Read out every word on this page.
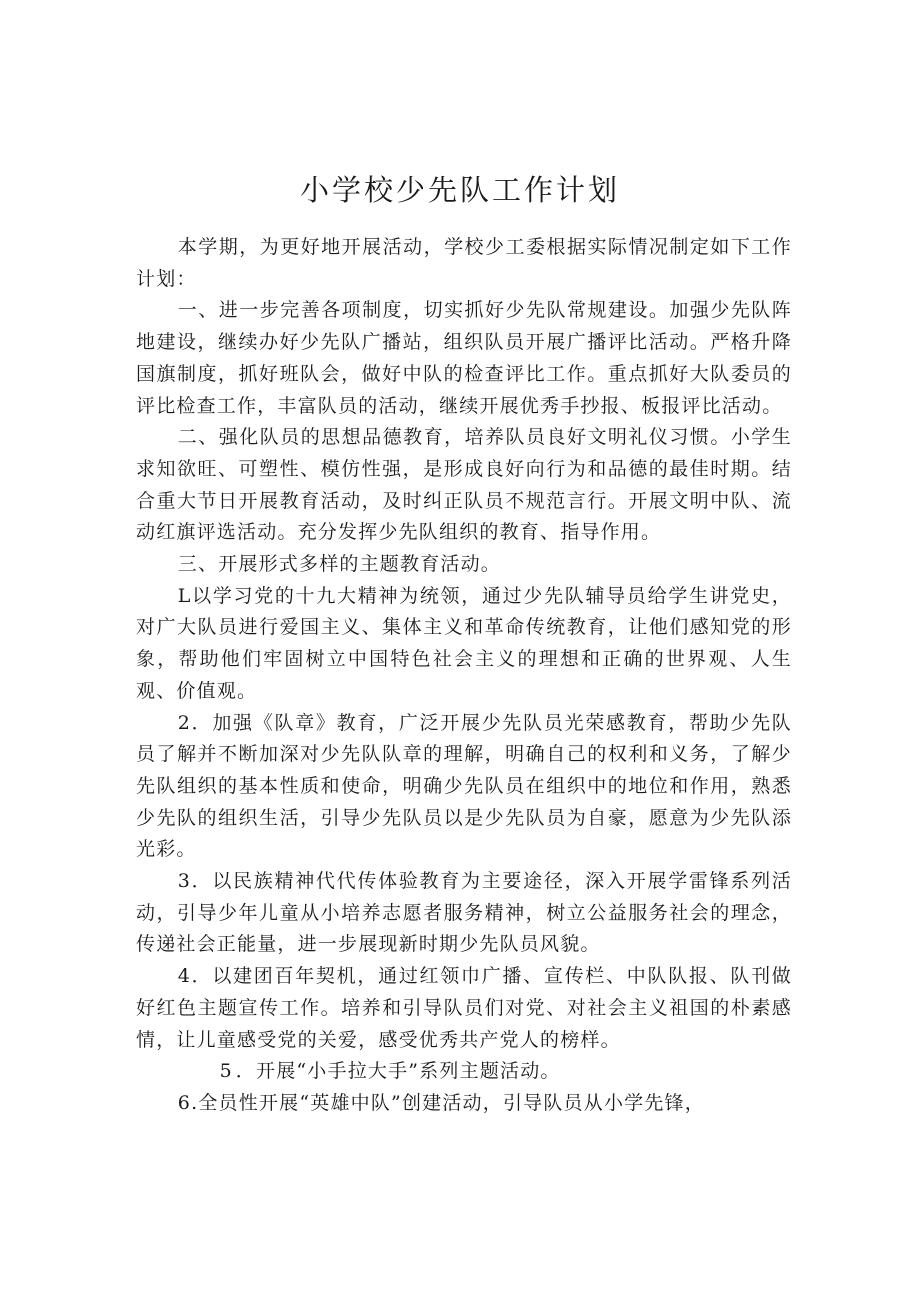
小学校少先队工作计划

本学期，为更好地开展活动，学校少工委根据实际情况制定如下工作计划：

一、进一步完善各项制度，切实抓好少先队常规建设。加强少先队阵地建设，继续办好少先队广播站，组织队员开展广播评比活动。严格升降国旗制度，抓好班队会，做好中队的检查评比工作。重点抓好大队委员的评比检查工作，丰富队员的活动，继续开展优秀手抄报、板报评比活动。

二、强化队员的思想品德教育，培养队员良好文明礼仪习惯。小学生求知欲旺、可塑性、模仿性强，是形成良好向行为和品德的最佳时期。结合重大节日开展教育活动，及时纠正队员不规范言行。开展文明中队、流动红旗评选活动。充分发挥少先队组织的教育、指导作用。

三、开展形式多样的主题教育活动。

L以学习党的十九大精神为统领，通过少先队辅导员给学生讲党史，对广大队员进行爱国主义、集体主义和革命传统教育，让他们感知党的形象，帮助他们牢固树立中国特色社会主义的理想和正确的世界观、人生观、价值观。

2．加强《队章》教育，广泛开展少先队员光荣感教育，帮助少先队员了解并不断加深对少先队队章的理解，明确自己的权利和义务，了解少先队组织的基本性质和使命，明确少先队员在组织中的地位和作用，熟悉少先队的组织生活，引导少先队员以是少先队员为自豪，愿意为少先队添光彩。

3．以民族精神代代传体验教育为主要途径，深入开展学雷锋系列活动，引导少年儿童从小培养志愿者服务精神，树立公益服务社会的理念，传递社会正能量，进一步展现新时期少先队员风貌。

4．以建团百年契机，通过红领巾广播、宣传栏、中队队报、队刊做好红色主题宣传工作。培养和引导队员们对党、对社会主义祖国的朴素感情，让儿童感受党的关爱，感受优秀共产党人的榜样。

5 ．开展“小手拉大手”系列主题活动。

6.全员性开展“英雄中队”创建活动，引导队员从小学先锋，
